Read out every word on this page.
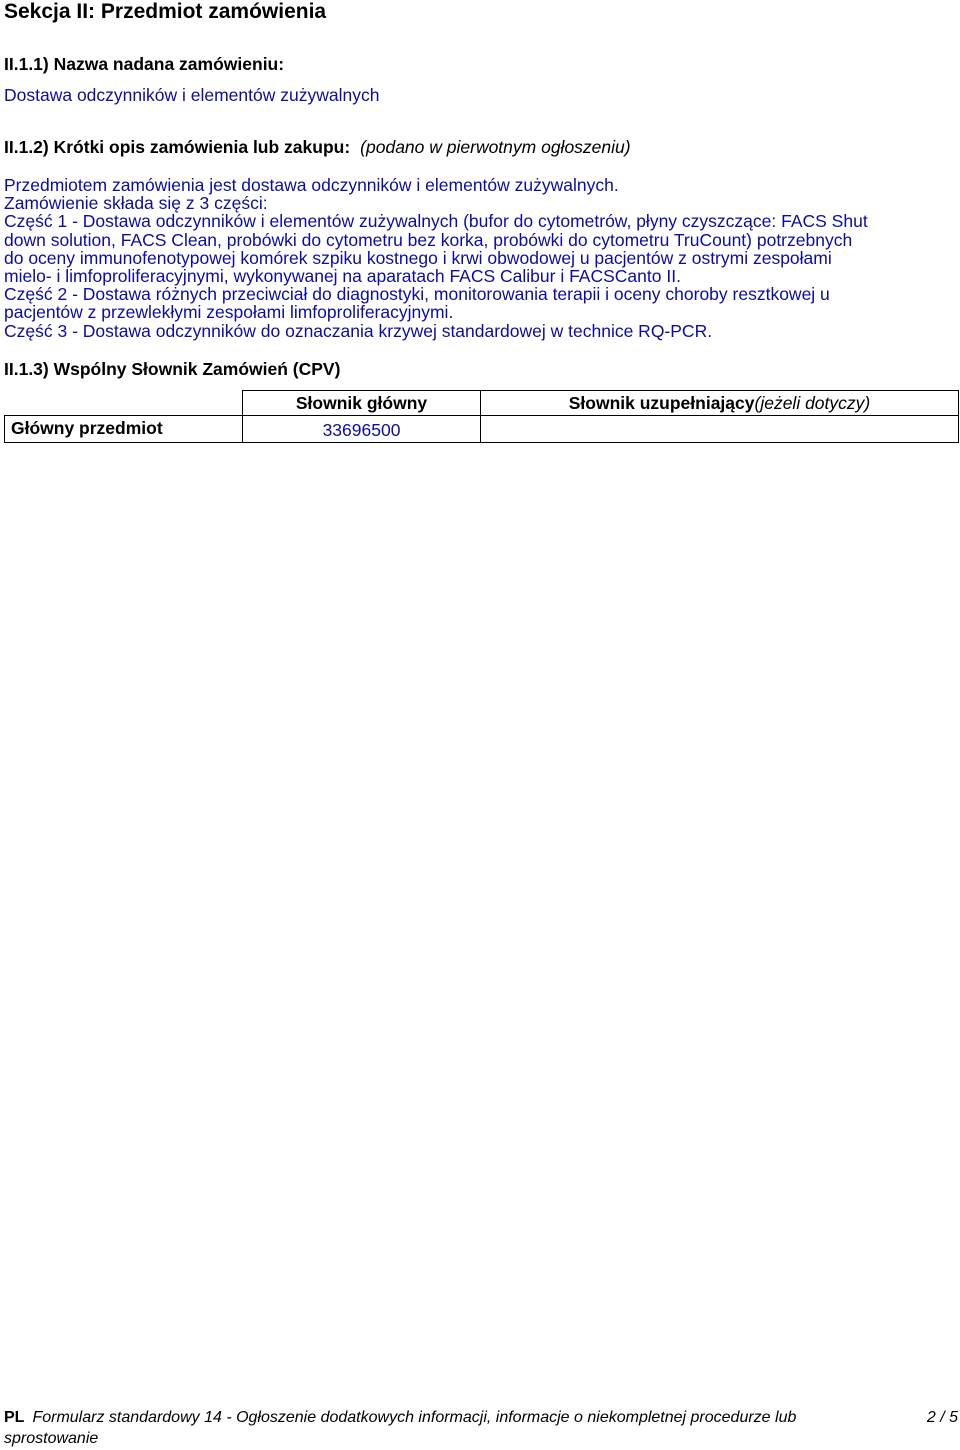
Sekcja II: Przedmiot zamówienia
II.1.1) Nazwa nadana zamówieniu:

Dostawa odczynników i elementów zużywalnych

II.1.2) Krótki opis zamówienia lub zakupu: (podano w pierwotnym ogłoszeniu)
Przedmiotem zamówienia jest dostawa odczynników i elementów zużywalnych.
Zamówienie składa się z 3 części:
Część 1 - Dostawa odczynników i elementów zużywalnych (bufor do cytometrów, płyny czyszczące: FACS Shut
down solution, FACS Clean, probówki do cytometru bez korka, probówki do cytometru TruCount) potrzebnych
do oceny immunofenotypowej komórek szpiku kostnego i krwi obwodowej u pacjentów z ostrymi zespołami
mielo- i limfoproliferacyjnymi, wykonywanej na aparatach FACS Calibur i FACSCanto II.
Część 2 - Dostawa różnych przeciwciał do diagnostyki, monitorowania terapii i oceny choroby resztkowej u
pacjentów z przewlekłymi zespołami limfoproliferacyjnymi.
Część 3 - Dostawa odczynników do oznaczania krzywej standardowej w technice RQ-PCR.
II.1.3) Wspólny Słownik Zamówień (CPV)
	Słownik główny	Słownik uzupełniający(jeżeli dotyczy)
Główny przedmiot	33696500	
PL Formularz standardowy 14 - Ogłoszenie dodatkowych informacji, informacje o niekompletnej procedurze lub sprostowanie
2 / 5
